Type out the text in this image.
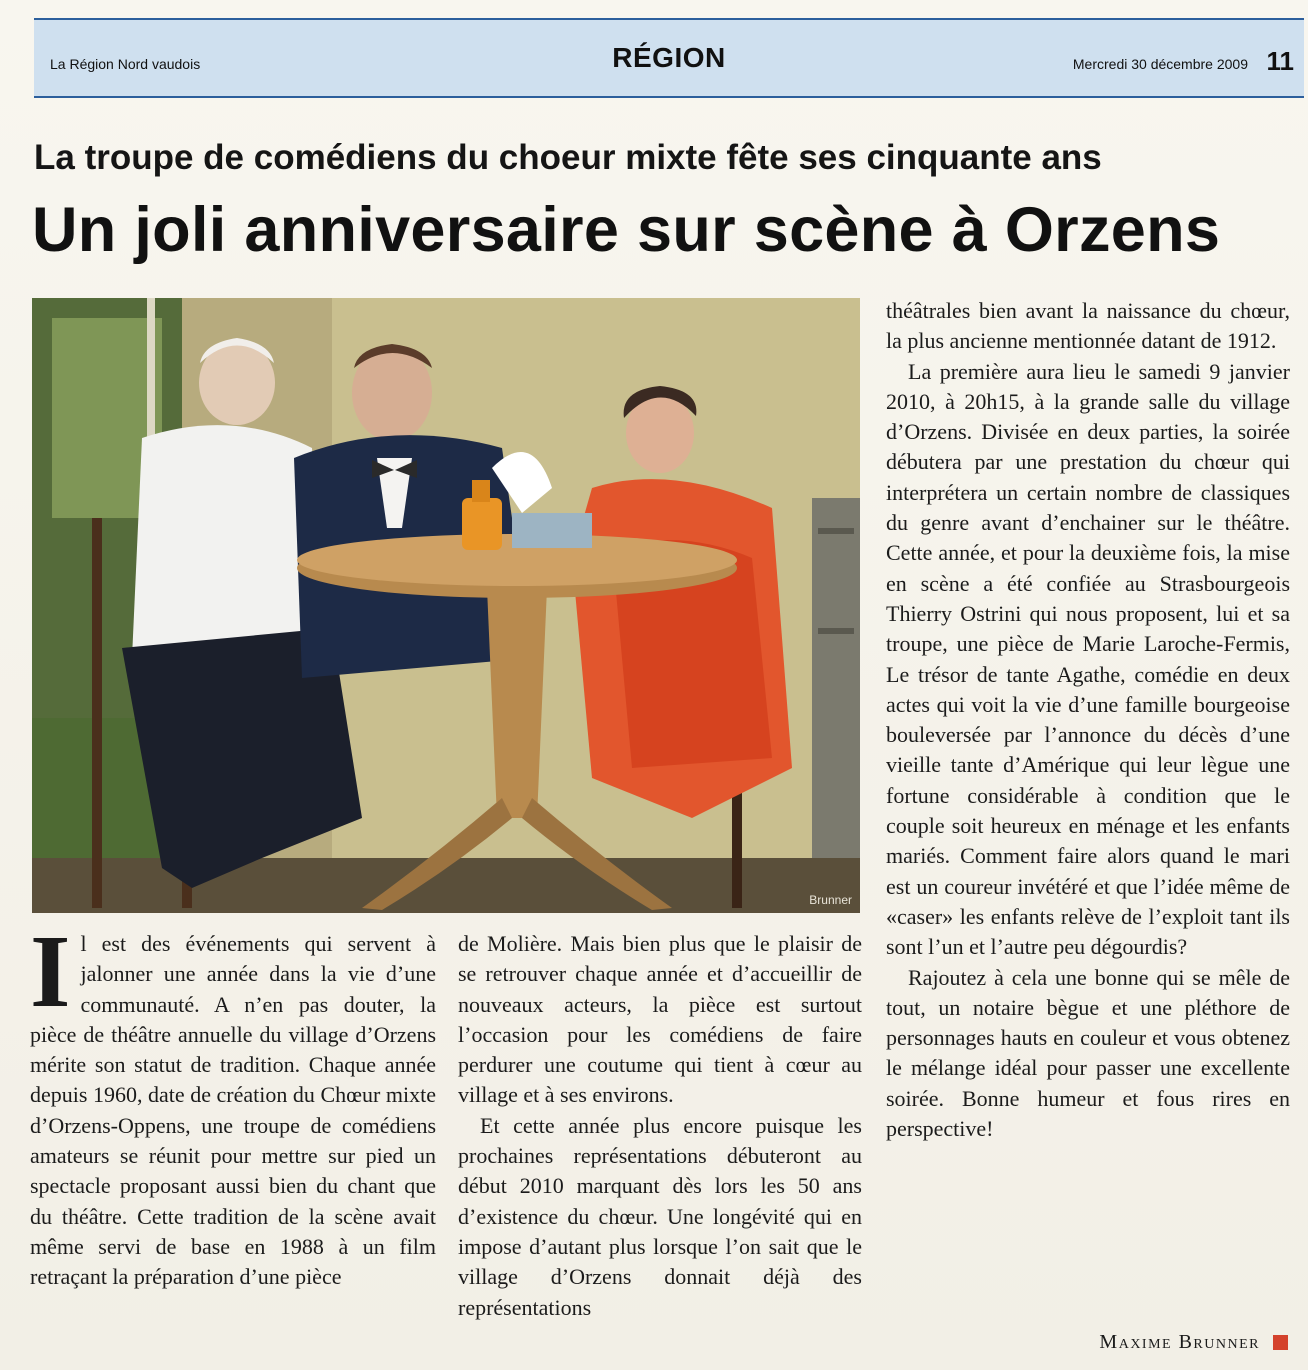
La Région Nord vaudois	RÉGION	Mercredi 30 décembre 2009 11
La troupe de comédiens du choeur mixte fête ses cinquante ans
Un joli anniversaire sur scène à Orzens
Brunner
I l est des événements qui servent à jalonner une année dans la vie d’une communauté. A n’en pas douter, la pièce de théâtre annuelle du village d’Orzens mérite son statut de tradition. Chaque année depuis 1960, date de création du Chœur mixte d’Orzens-Oppens, une troupe de comédiens amateurs se réunit pour mettre sur pied un spectacle proposant aussi bien du chant que du théâtre. Cette tradition de la scène avait même servi de base en 1988 à un film retraçant la préparation d’une pièce

de Molière. Mais bien plus que le plaisir de se retrouver chaque année et d’accueillir de nouveaux acteurs, la pièce est surtout l’occasion pour les comédiens de faire perdurer une coutume qui tient à cœur au village et à ses environs.

Et cette année plus encore puisque les prochaines représentations débuteront au début 2010 marquant dès lors les 50 ans d’existence du chœur. Une longévité qui en impose d’autant plus lorsque l’on sait que le village d’Orzens donnait déjà des représentations

théâtrales bien avant la naissance du chœur, la plus ancienne mentionnée datant de 1912.

La première aura lieu le samedi 9 janvier 2010, à 20h15, à la grande salle du village d’Orzens. Divisée en deux parties, la soirée débutera par une prestation du chœur qui interprétera un certain nombre de classiques du genre avant d’enchainer sur le théâtre. Cette année, et pour la deuxième fois, la mise en scène a été confiée au Strasbourgeois Thierry Ostrini qui nous proposent, lui et sa troupe, une pièce de Marie Laroche-Fermis, Le trésor de tante Agathe, comédie en deux actes qui voit la vie d’une famille bourgeoise bouleversée par l’annonce du décès d’une vieille tante d’Amérique qui leur lègue une fortune considérable à condition que le couple soit heureux en ménage et les enfants mariés. Comment faire alors quand le mari est un coureur invétéré et que l’idée même de «caser» les enfants relève de l’exploit tant ils sont l’un et l’autre peu dégourdis?

Rajoutez à cela une bonne qui se mêle de tout, un notaire bègue et une pléthore de personnages hauts en couleur et vous obtenez le mélange idéal pour passer une excellente soirée. Bonne humeur et fous rires en perspective!

Maxime Brunner
